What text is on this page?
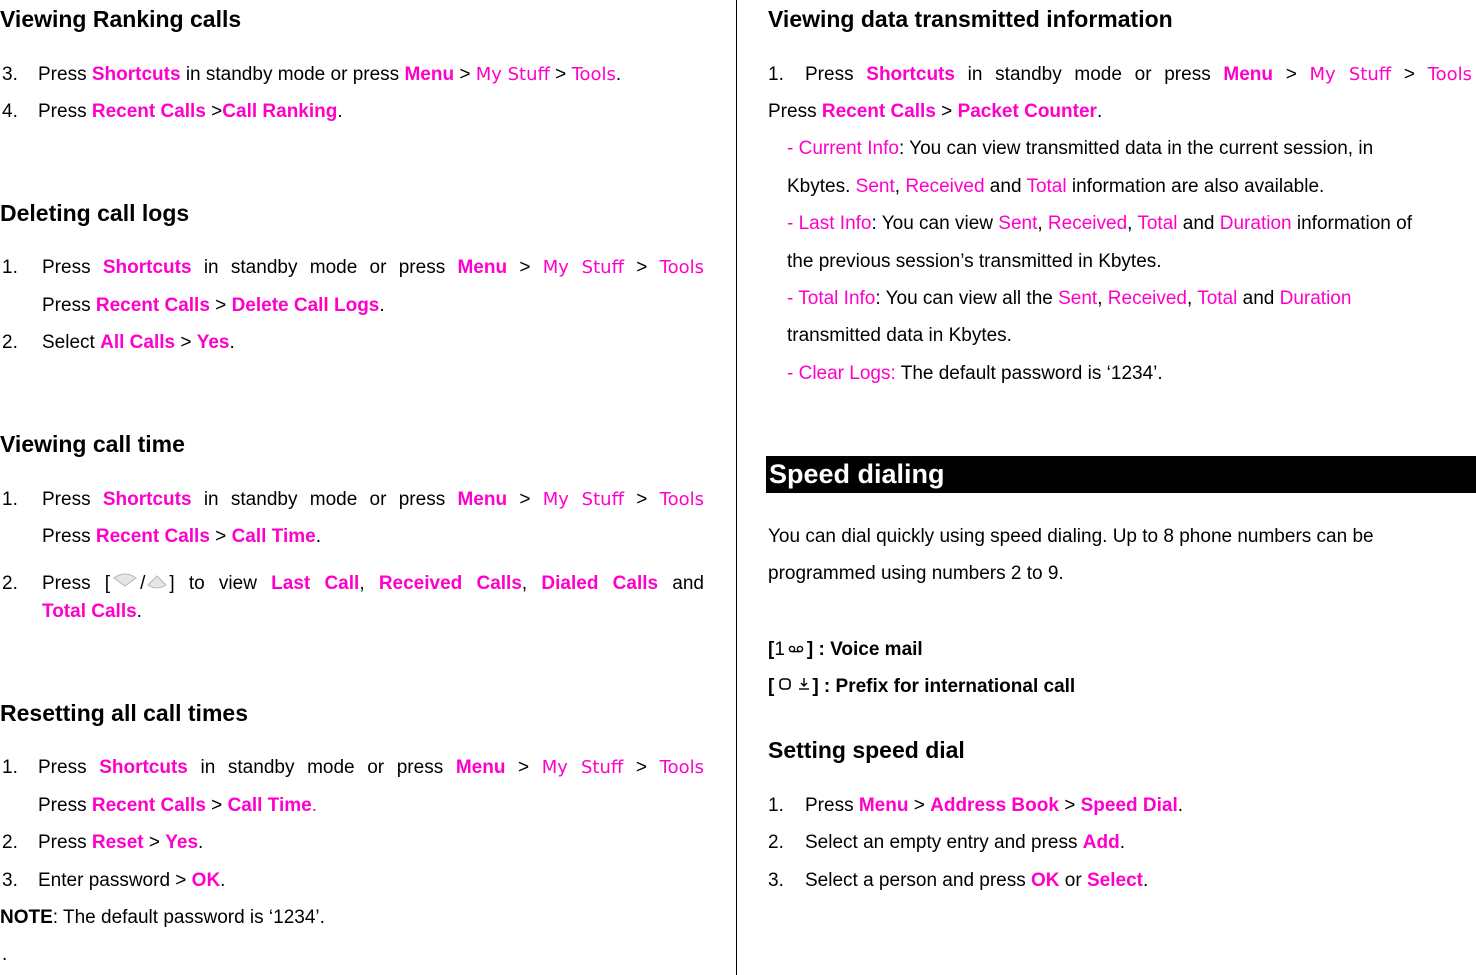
Viewing Ranking calls
3. Press Shortcuts in standby mode or press Menu > My Stuff > Tools.
4. Press Recent Calls >Call Ranking.
Deleting call logs
1. Press Shortcuts in standby mode or press Menu > My Stuff > Tools
Press Recent Calls > Delete Call Logs.
2. Select All Calls > Yes.
Viewing call time
1. Press Shortcuts in standby mode or press Menu > My Stuff > Tools
Press Recent Calls > Call Time.
2. Press [ / ] to view Last Call, Received Calls, Dialed Calls and
Total Calls.
Resetting all call times
1. Press Shortcuts in standby mode or press Menu > My Stuff > Tools
Press Recent Calls > Call Time.
2. Press Reset > Yes.
3. Enter password > OK.
NOTE: The default password is ‘1234’.
.
Viewing data transmitted information
1. Press Shortcuts in standby mode or press Menu > My Stuff > Tools
Press Recent Calls > Packet Counter.
- Current Info: You can view transmitted data in the current session, in
Kbytes. Sent, Received and Total information are also available.
- Last Info: You can view Sent, Received, Total and Duration information of
the previous session’s transmitted in Kbytes.
- Total Info: You can view all the Sent, Received, Total and Duration
transmitted data in Kbytes.
- Clear Logs: The default password is ‘1234’.
You can dial quickly using speed dialing. Up to 8 phone numbers can be
programmed using numbers 2 to 9.
[1 ] : Voice mail
[ ] : Prefix for international call
Setting speed dial
1. Press Menu > Address Book > Speed Dial.
2. Select an empty entry and press Add.
3. Select a person and press OK or Select.
Speed dialing
